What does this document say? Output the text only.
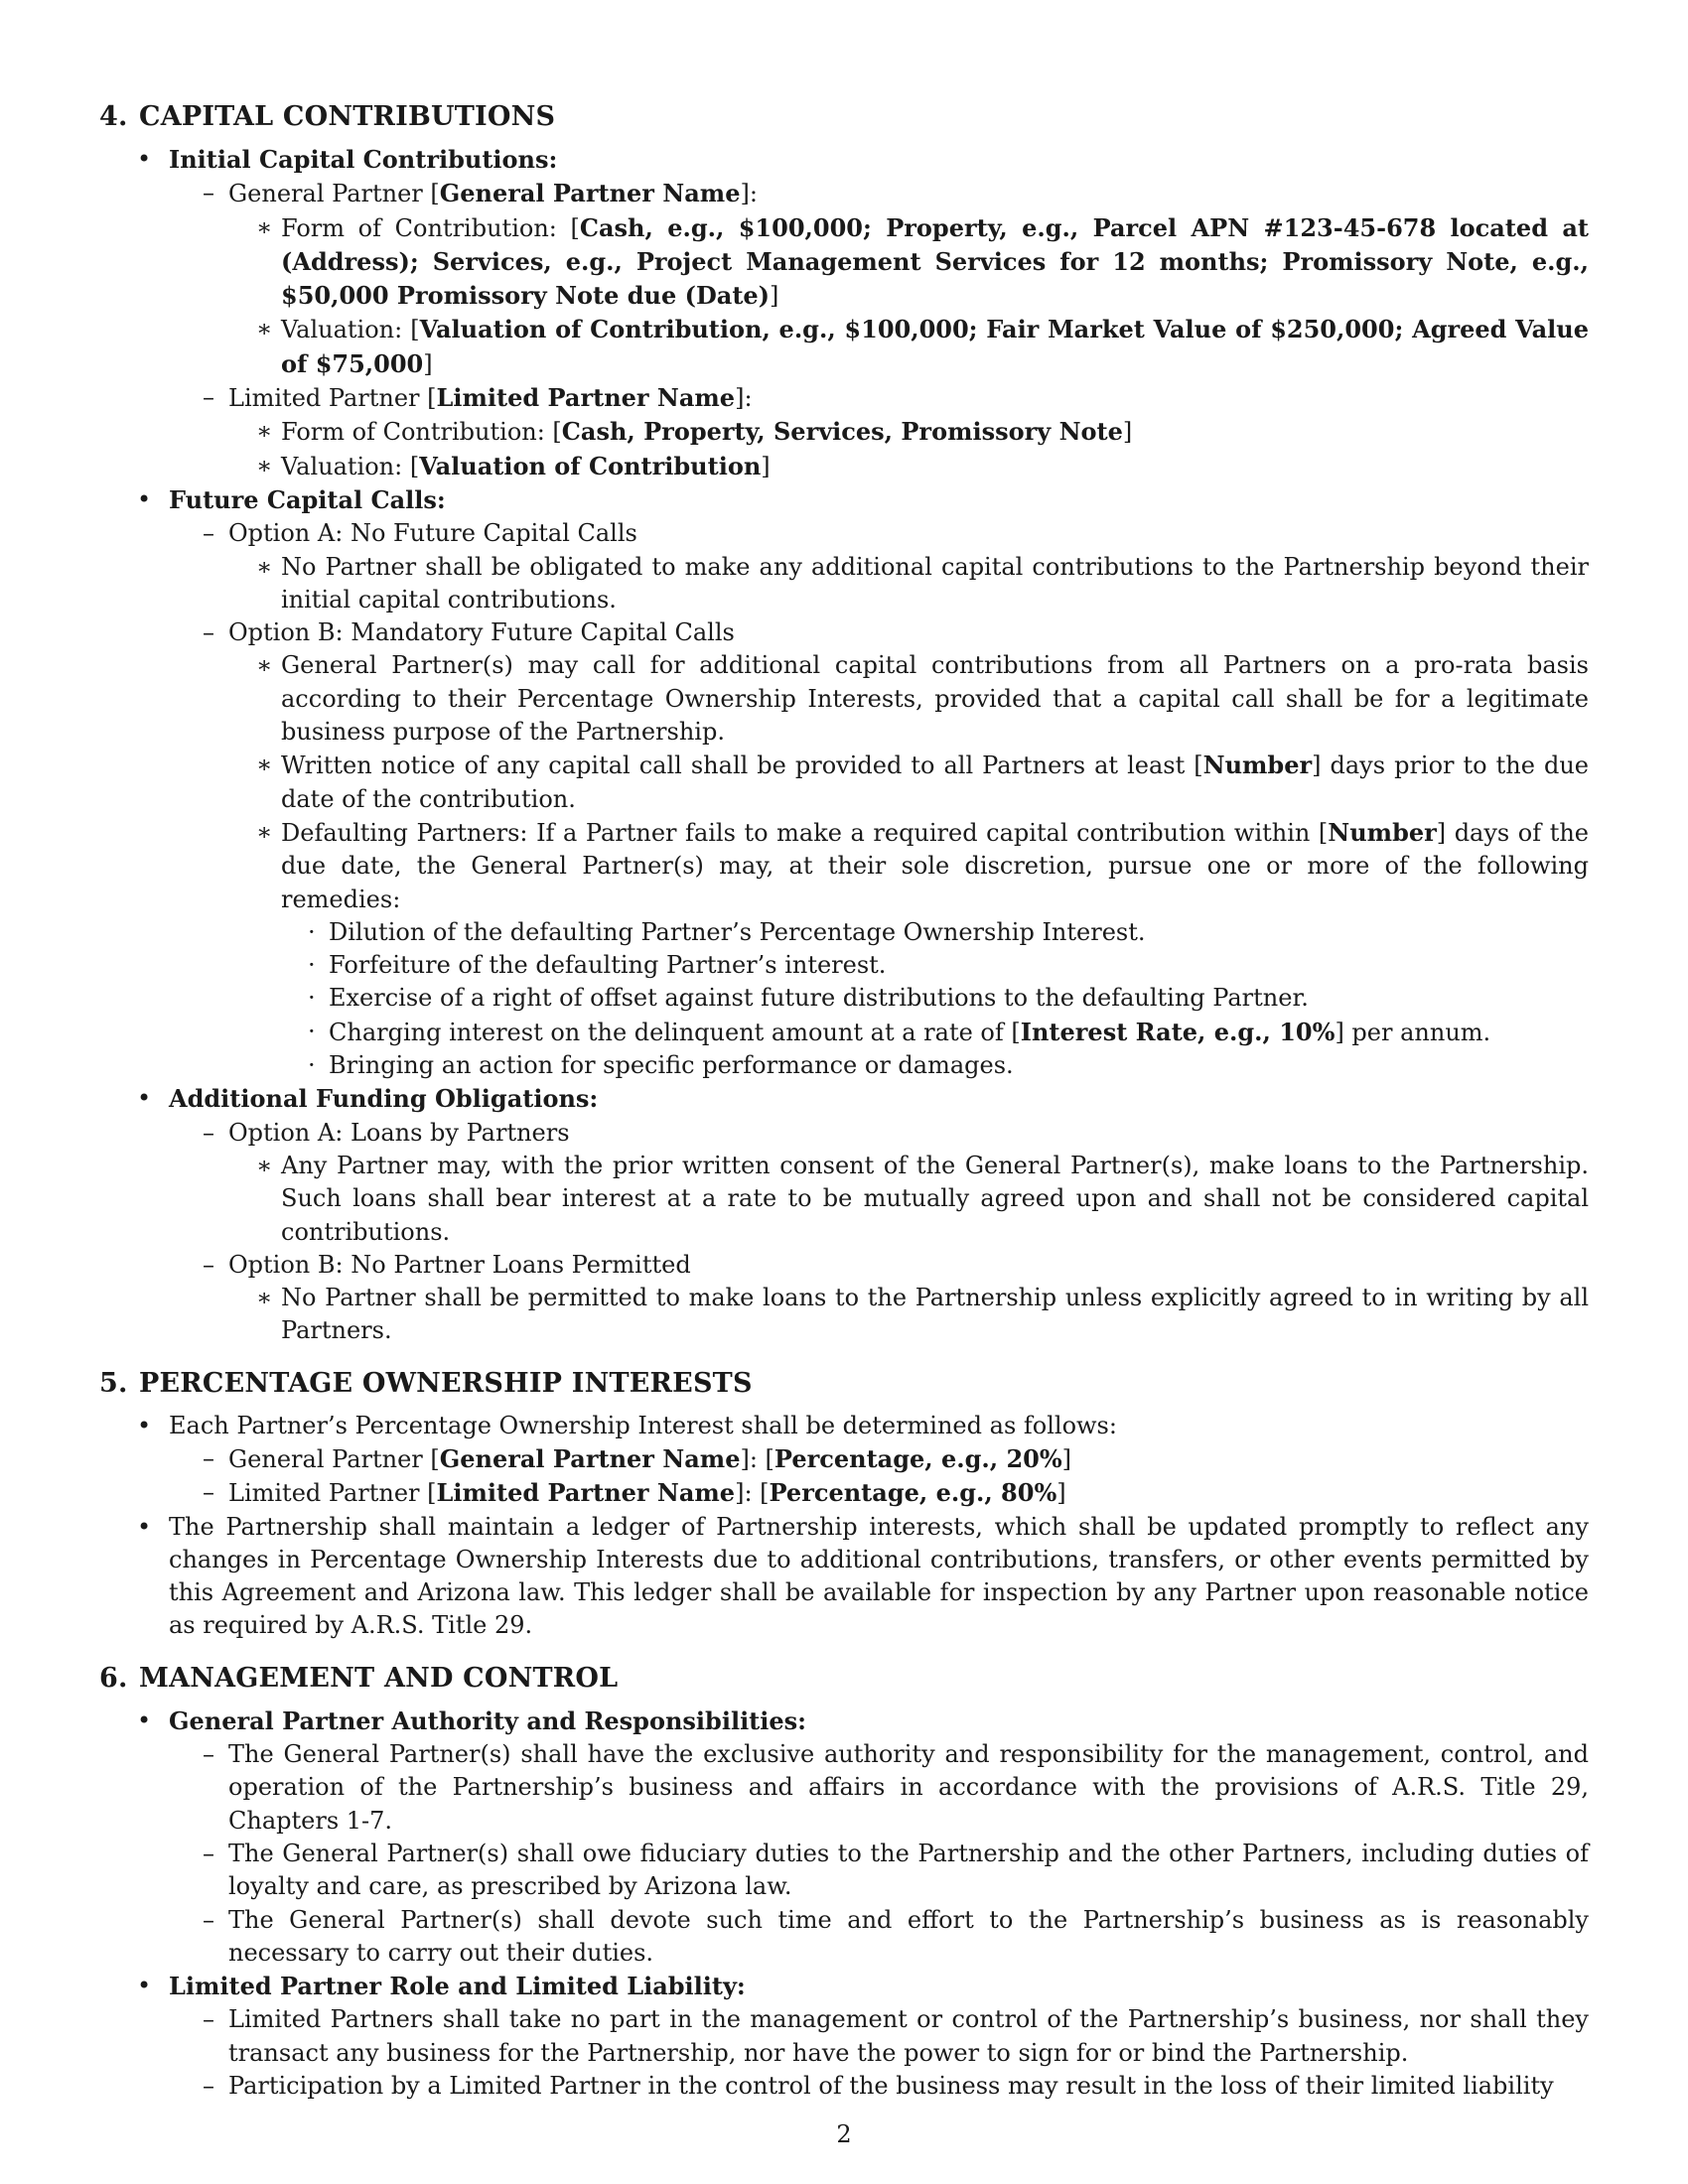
4. CAPITAL CONTRIBUTIONS
• Initial Capital Contributions:
– General Partner [General Partner Name]:
∗ Form of Contribution: [Cash, e.g., $100,000; Property, e.g., Parcel APN #123-45-678 located at (Address); Services, e.g., Project Management Services for 12 months; Promissory Note, e.g., $50,000 Promissory Note due (Date)]
∗ Valuation: [Valuation of Contribution, e.g., $100,000; Fair Market Value of $250,000; Agreed Value of $75,000]
– Limited Partner [Limited Partner Name]:
∗ Form of Contribution: [Cash, Property, Services, Promissory Note]
∗ Valuation: [Valuation of Contribution]
• Future Capital Calls:
– Option A: No Future Capital Calls
∗ No Partner shall be obligated to make any additional capital contributions to the Partnership beyond their initial capital contributions.
– Option B: Mandatory Future Capital Calls
∗ General Partner(s) may call for additional capital contributions from all Partners on a pro-rata basis according to their Percentage Ownership Interests, provided that a capital call shall be for a legitimate business purpose of the Partnership.
∗ Written notice of any capital call shall be provided to all Partners at least [Number] days prior to the due date of the contribution.
∗ Defaulting Partners: If a Partner fails to make a required capital contribution within [Number] days of the due date, the General Partner(s) may, at their sole discretion, pursue one or more of the following remedies:
· Dilution of the defaulting Partner’s Percentage Ownership Interest.
· Forfeiture of the defaulting Partner’s interest.
· Exercise of a right of offset against future distributions to the defaulting Partner.
· Charging interest on the delinquent amount at a rate of [Interest Rate, e.g., 10%] per annum.
· Bringing an action for specific performance or damages.
• Additional Funding Obligations:
– Option A: Loans by Partners
∗ Any Partner may, with the prior written consent of the General Partner(s), make loans to the Partnership. Such loans shall bear interest at a rate to be mutually agreed upon and shall not be considered capital contributions.
– Option B: No Partner Loans Permitted
∗ No Partner shall be permitted to make loans to the Partnership unless explicitly agreed to in writing by all Partners.
5. PERCENTAGE OWNERSHIP INTERESTS
• Each Partner’s Percentage Ownership Interest shall be determined as follows:
– General Partner [General Partner Name]: [Percentage, e.g., 20%]
– Limited Partner [Limited Partner Name]: [Percentage, e.g., 80%]
• The Partnership shall maintain a ledger of Partnership interests, which shall be updated promptly to reflect any changes in Percentage Ownership Interests due to additional contributions, transfers, or other events permitted by this Agreement and Arizona law. This ledger shall be available for inspection by any Partner upon reasonable notice as required by A.R.S. Title 29.
6. MANAGEMENT AND CONTROL
• General Partner Authority and Responsibilities:
– The General Partner(s) shall have the exclusive authority and responsibility for the management, control, and operation of the Partnership’s business and affairs in accordance with the provisions of A.R.S. Title 29, Chapters 1-7.
– The General Partner(s) shall owe fiduciary duties to the Partnership and the other Partners, including duties of loyalty and care, as prescribed by Arizona law.
– The General Partner(s) shall devote such time and effort to the Partnership’s business as is reasonably necessary to carry out their duties.
• Limited Partner Role and Limited Liability:
– Limited Partners shall take no part in the management or control of the Partnership’s business, nor shall they transact any business for the Partnership, nor have the power to sign for or bind the Partnership.
– Participation by a Limited Partner in the control of the business may result in the loss of their limited liability
2
